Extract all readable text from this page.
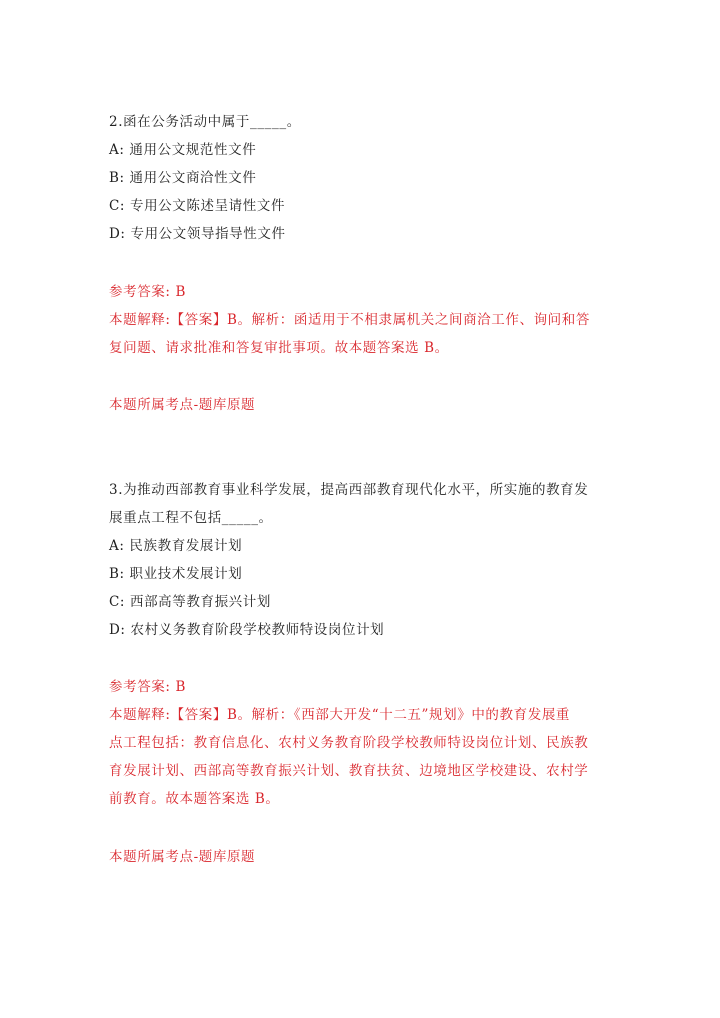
2.函在公务活动中属于_____。
A: 通用公文规范性文件
B: 通用公文商洽性文件
C: 专用公文陈述呈请性文件
D: 专用公文领导指导性文件
参考答案: B
本题解释:【答案】B。解析：函适用于不相隶属机关之间商洽工作、询问和答
复问题、请求批准和答复审批事项。故本题答案选 B。
本题所属考点-题库原题
3.为推动西部教育事业科学发展，提高西部教育现代化水平，所实施的教育发
展重点工程不包括_____。
A: 民族教育发展计划
B: 职业技术发展计划
C: 西部高等教育振兴计划
D: 农村义务教育阶段学校教师特设岗位计划
参考答案: B
本题解释:【答案】B。解析：《西部大开发“十二五”规划》中的教育发展重
点工程包括：教育信息化、农村义务教育阶段学校教师特设岗位计划、民族教
育发展计划、西部高等教育振兴计划、教育扶贫、边境地区学校建设、农村学
前教育。故本题答案选 B。
本题所属考点-题库原题
